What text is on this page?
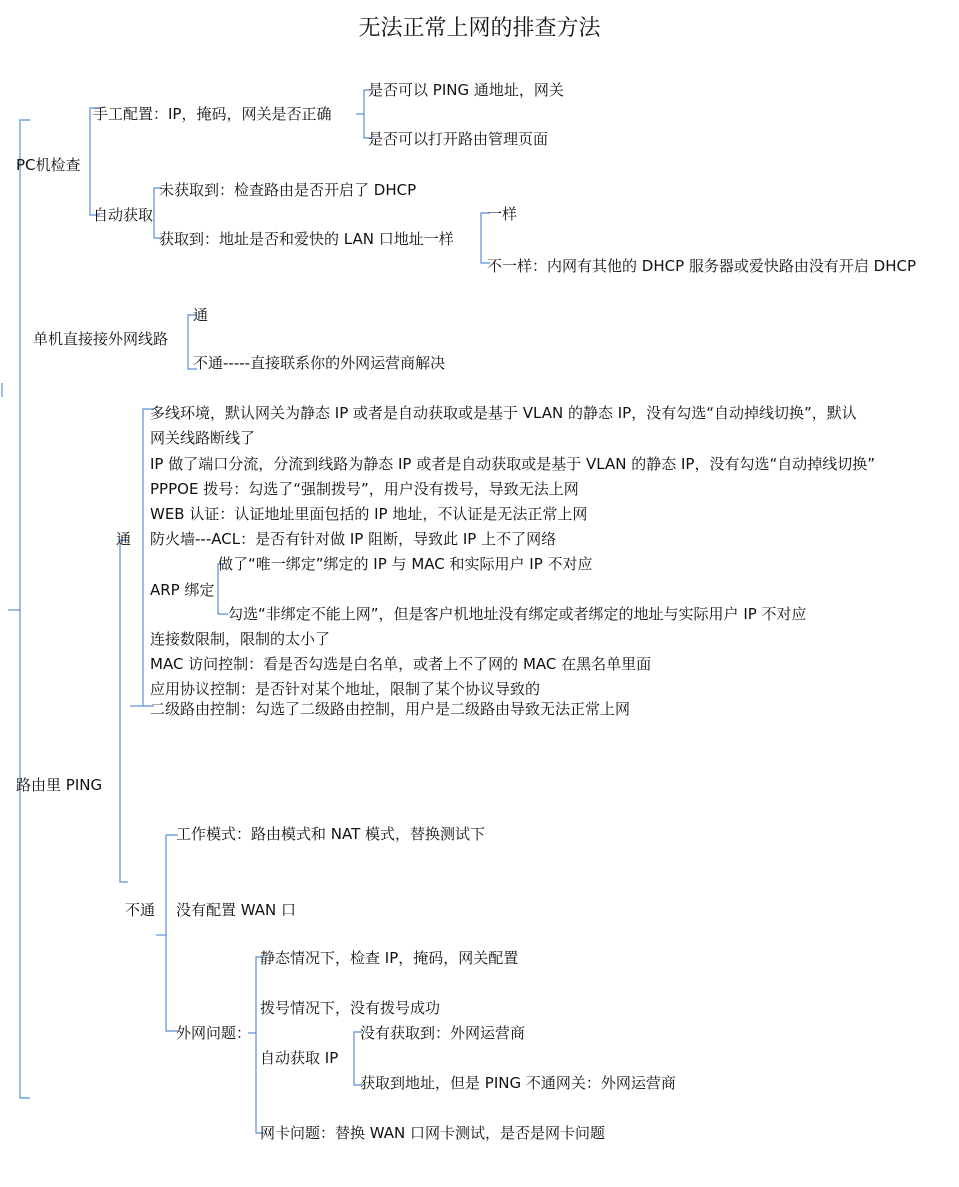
无法正常上网的排查方法
PC机检查
手工配置：IP，掩码，网关是否正确
是否可以 PING 通地址，网关
是否可以打开路由管理页面
自动获取
未获取到：检查路由是否开启了 DHCP
获取到：地址是否和爱快的 LAN 口地址一样
一样
不一样：内网有其他的 DHCP 服务器或爱快路由没有开启 DHCP
单机直接接外网线路
通
不通-----直接联系你的外网运营商解决
路由里 PING
通
多线环境，默认网关为静态 IP 或者是自动获取或是基于 VLAN 的静态 IP，没有勾选“自动掉线切换”，默认
网关线路断线了
IP 做了端口分流，分流到线路为静态 IP 或者是自动获取或是基于 VLAN 的静态 IP，没有勾选“自动掉线切换”
PPPOE 拨号：勾选了“强制拨号”，用户没有拨号，导致无法上网
WEB 认证：认证地址里面包括的 IP 地址，不认证是无法正常上网
防火墙---ACL：是否有针对做 IP 阻断，导致此 IP 上不了网络
ARP 绑定
做了“唯一绑定”绑定的 IP 与 MAC 和实际用户 IP 不对应
勾选“非绑定不能上网”，但是客户机地址没有绑定或者绑定的地址与实际用户 IP 不对应
连接数限制，限制的太小了
MAC 访问控制：看是否勾选是白名单，或者上不了网的 MAC 在黑名单里面
应用协议控制：是否针对某个地址，限制了某个协议导致的
二级路由控制：勾选了二级路由控制，用户是二级路由导致无法正常上网
不通
工作模式：路由模式和 NAT 模式，替换测试下
没有配置 WAN 口
外网问题：
静态情况下，检查 IP，掩码，网关配置
拨号情况下，没有拨号成功
自动获取 IP
没有获取到：外网运营商
获取到地址，但是 PING 不通网关：外网运营商
网卡问题：替换 WAN 口网卡测试，是否是网卡问题
